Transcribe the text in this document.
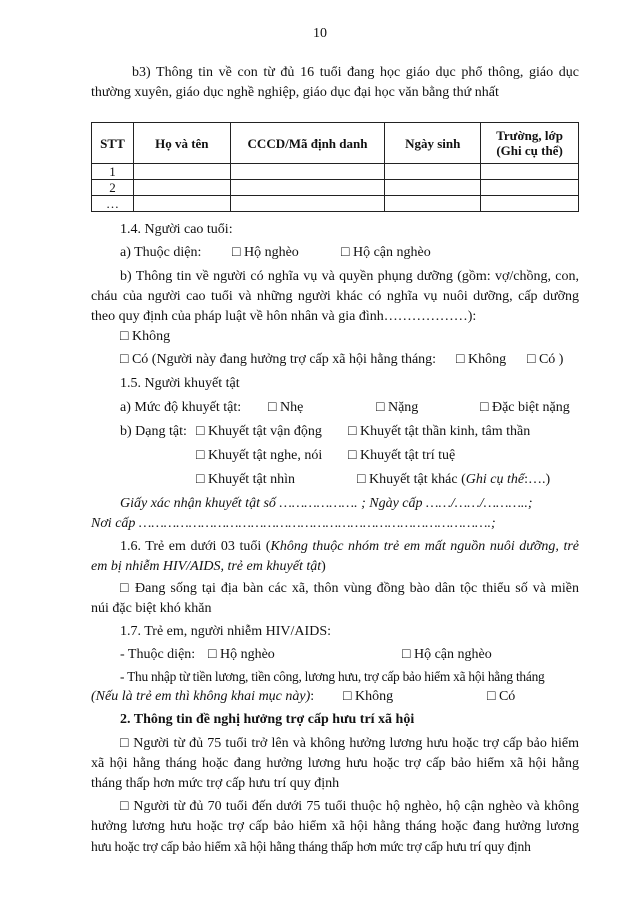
10
b3) Thông tin về con từ đủ 16 tuổi đang học giáo dục phổ thông, giáo dục
thường xuyên, giáo dục nghề nghiệp, giáo dục đại học văn bằng thứ nhất
STT	Họ và tên	CCCD/Mã định danh	Ngày sinh	Trường, lớp
(Ghi cụ thể)
1				
2				
…				
1.4. Người cao tuổi:
a) Thuộc diện: □ Hộ nghèo	□ Hộ cận nghèo
b) Thông tin về người có nghĩa vụ và quyền phụng dưỡng (gồm: vợ/chồng, con,
cháu của người cao tuổi và những người khác có nghĩa vụ nuôi dưỡng, cấp dưỡng
theo quy định của pháp luật về hôn nhân và gia đình………………):
□ Không
□ Có (Người này đang hưởng trợ cấp xã hội hằng tháng: □ Không □ Có )
1.5. Người khuyết tật
a) Mức độ khuyết tật: □ Nhẹ	□ Nặng	□ Đặc biệt nặng
b) Dạng tật: □ Khuyết tật vận động □ Khuyết tật thần kinh, tâm thần
□ Khuyết tật nghe, nói □ Khuyết tật trí tuệ
□ Khuyết tật nhìn	□ Khuyết tật khác (Ghi cụ thể:….)
Giấy xác nhận khuyết tật số ………………. ; Ngày cấp ……/……/………..;
Nơi cấp ………………………………………………………………………….;
1.6. Trẻ em dưới 03 tuổi (Không thuộc nhóm trẻ em mất nguồn nuôi dưỡng, trẻ
em bị nhiễm HIV/AIDS, trẻ em khuyết tật)
□ Đang sống tại địa bàn các xã, thôn vùng đồng bào dân tộc thiểu số và miền
núi đặc biệt khó khăn
1.7. Trẻ em, người nhiễm HIV/AIDS:
- Thuộc diện: □ Hộ nghèo	□ Hộ cận nghèo
- Thu nhập từ tiền lương, tiền công, lương hưu, trợ cấp bảo hiểm xã hội hằng tháng
(Nếu là trẻ em thì không khai mục này): □ Không	□ Có
2. Thông tin đề nghị hưởng trợ cấp hưu trí xã hội
□ Người từ đủ 75 tuổi trở lên và không hưởng lương hưu hoặc trợ cấp bảo hiểm
xã hội hằng tháng hoặc đang hưởng lương hưu hoặc trợ cấp bảo hiểm xã hội hằng
tháng thấp hơn mức trợ cấp hưu trí quy định
□ Người từ đủ 70 tuổi đến dưới 75 tuổi thuộc hộ nghèo, hộ cận nghèo và không
hưởng lương hưu hoặc trợ cấp bảo hiểm xã hội hằng tháng hoặc đang hưởng lương
hưu hoặc trợ cấp bảo hiểm xã hội hằng tháng thấp hơn mức trợ cấp hưu trí quy định
